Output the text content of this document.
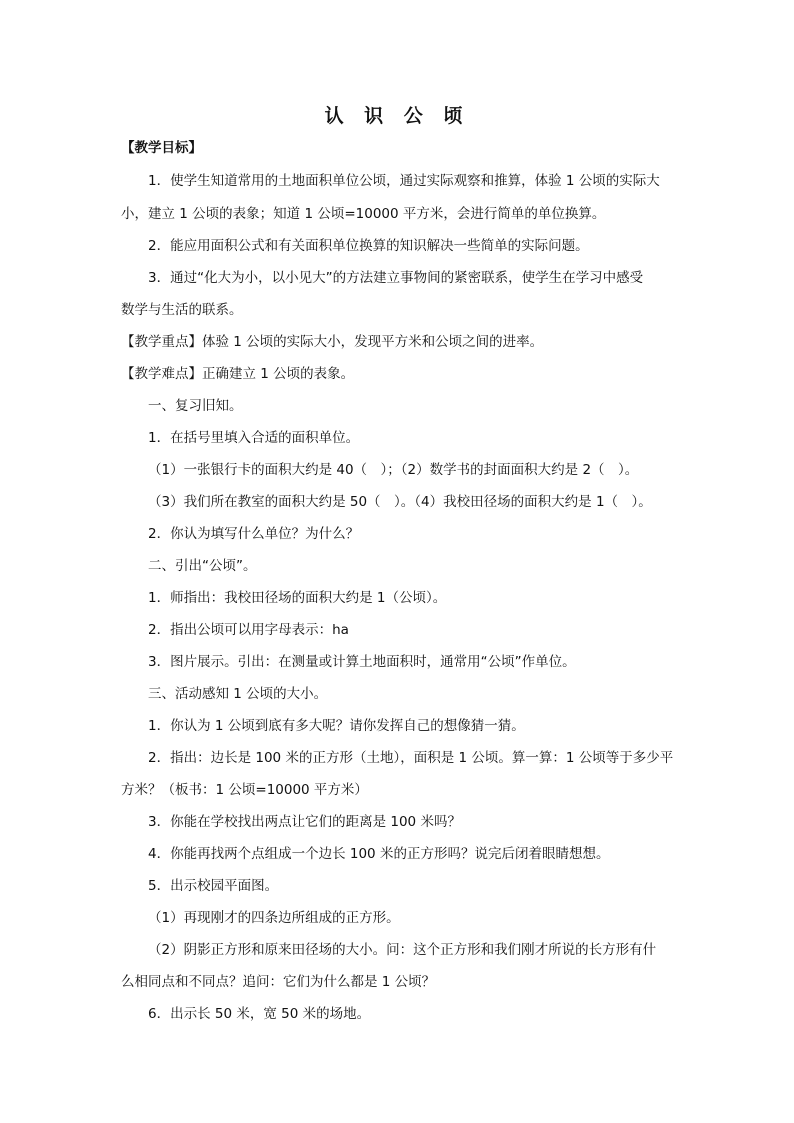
认 识 公 顷
【教学目标】
1．使学生知道常用的土地面积单位公顷，通过实际观察和推算，体验 1 公顷的实际大
小，建立 1 公顷的表象；知道 1 公顷=10000 平方米，会进行简单的单位换算。
2．能应用面积公式和有关面积单位换算的知识解决一些简单的实际问题。
3．通过“化大为小，以小见大”的方法建立事物间的紧密联系，使学生在学习中感受
数学与生活的联系。
【教学重点】体验 1 公顷的实际大小，发现平方米和公顷之间的进率。
【教学难点】正确建立 1 公顷的表象。
一、复习旧知。
1．在括号里填入合适的面积单位。
（1）一张银行卡的面积大约是 40（　）；（2）数学书的封面面积大约是 2（　）。
（3）我们所在教室的面积大约是 50（　）。（4）我校田径场的面积大约是 1（　）。
2．你认为填写什么单位？为什么？
二、引出“公顷”。
1．师指出：我校田径场的面积大约是 1（公顷）。
2．指出公顷可以用字母表示：ha
3．图片展示。引出：在测量或计算土地面积时，通常用“公顷”作单位。
三、活动感知 1 公顷的大小。
1．你认为 1 公顷到底有多大呢？请你发挥自己的想像猜一猜。
2．指出：边长是 100 米的正方形（土地），面积是 1 公顷。算一算：1 公顷等于多少平
方米？（板书：1 公顷=10000 平方米）
3．你能在学校找出两点让它们的距离是 100 米吗？
4．你能再找两个点组成一个边长 100 米的正方形吗？说完后闭着眼睛想想。
5．出示校园平面图。
（1）再现刚才的四条边所组成的正方形。
（2）阴影正方形和原来田径场的大小。问：这个正方形和我们刚才所说的长方形有什
么相同点和不同点？追问：它们为什么都是 1 公顷？
6．出示长 50 米，宽 50 米的场地。
